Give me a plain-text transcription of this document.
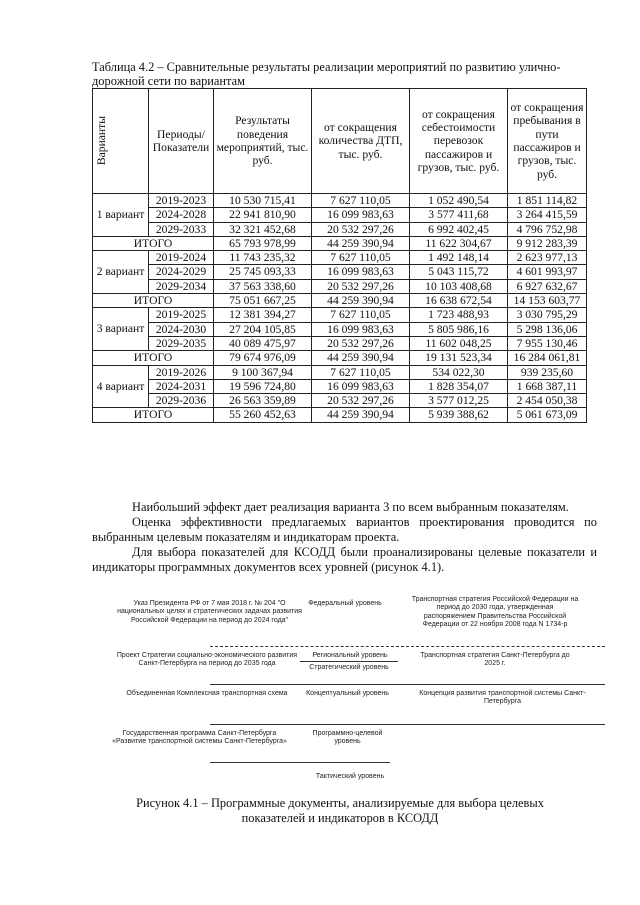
Таблица 4.2 – Сравнительные результаты реализации мероприятий по развитию улично-дорожной сети по вариантам
Варианты	Периоды/ Показатели	Результаты поведения мероприятий, тыс. руб.	от сокращения количества ДТП, тыс. руб.	от сокращения себестоимости перевозок пассажиров и грузов, тыс. руб.	от сокращения пребывания в пути пассажиров и грузов, тыс. руб.
1 вариант	2019-2023	10 530 715,41	7 627 110,05	1 052 490,54	1 851 114,82
	2024-2028	22 941 810,90	16 099 983,63	3 577 411,68	3 264 415,59
	2029-2033	32 321 452,68	20 532 297,26	6 992 402,45	4 796 752,98
ИТОГО		65 793 978,99	44 259 390,94	11 622 304,67	9 912 283,39
2 вариант	2019-2024	11 743 235,32	7 627 110,05	1 492 148,14	2 623 977,13
	2024-2029	25 745 093,33	16 099 983,63	5 043 115,72	4 601 993,97
	2029-2034	37 563 338,60	20 532 297,26	10 103 408,68	6 927 632,67
ИТОГО		75 051 667,25	44 259 390,94	16 638 672,54	14 153 603,77
3 вариант	2019-2025	12 381 394,27	7 627 110,05	1 723 488,93	3 030 795,29
	2024-2030	27 204 105,85	16 099 983,63	5 805 986,16	5 298 136,06
	2029-2035	40 089 475,97	20 532 297,26	11 602 048,25	7 955 130,46
ИТОГО		79 674 976,09	44 259 390,94	19 131 523,34	16 284 061,81
4 вариант	2019-2026	9 100 367,94	7 627 110,05	534 022,30	939 235,60
	2024-2031	19 596 724,80	16 099 983,63	1 828 354,07	1 668 387,11
	2029-2036	26 563 359,89	20 532 297,26	3 577 012,25	2 454 050,38
ИТОГО		55 260 452,63	44 259 390,94	5 939 388,62	5 061 673,09
Наибольший эффект дает реализация варианта 3 по всем выбранным показателям.
Оценка эффективности предлагаемых вариантов проектирования проводится по выбранным целевым показателям и индикаторам проекта.
Для выбора показателей для КСОДД были проанализированы целевые показатели и индикаторы программных документов всех уровней (рисунок 4.1).
Указ Президента РФ от 7 мая 2018 г. № 204 "О национальных целях и стратегических задачах развития Российской Федерации на период до 2024 года"
Федеральный уровень
Транспортная стратегия Российской Федерации на период до 2030 года, утвержденная распоряжением Правительства Российской Федерации от 22 ноября 2008 года N 1734-р
Проект Стратегии социально-экономического развития Санкт-Петербурга на период до 2035 года
Региональный уровень
Стратегический уровень
Транспортная стратегия Санкт-Петербурга до 2025 г.
Объединенная Комплексная транспортная схема	Концептуальный уровень	Концепция развития транспортной системы Санкт-Петербурга
Государственная программа Санкт-Петербурга «Развитие транспортной системы Санкт-Петербурга»
Программно-целевой уровень
Тактический уровень
Рисунок 4.1 – Программные документы, анализируемые для выбора целевых показателей и индикаторов в КСОДД
